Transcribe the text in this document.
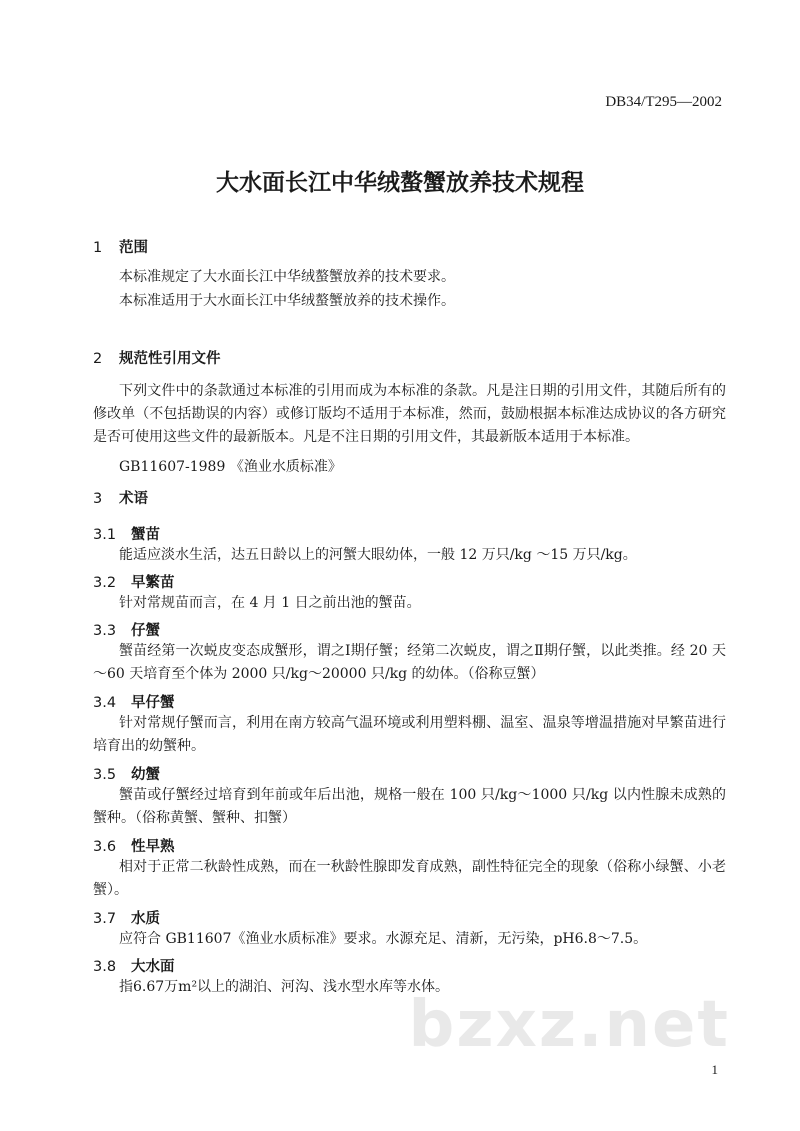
DB34/T295—2002
大水面长江中华绒螯蟹放养技术规程
1 范围
本标准规定了大水面长江中华绒螯蟹放养的技术要求。
本标准适用于大水面长江中华绒螯蟹放养的技术操作。
2 规范性引用文件
下列文件中的条款通过本标准的引用而成为本标准的条款。凡是注日期的引用文件，其随后所有的修改单（不包括勘误的内容）或修订版均不适用于本标准，然而，鼓励根据本标准达成协议的各方研究是否可使用这些文件的最新版本。凡是不注日期的引用文件，其最新版本适用于本标准。
GB11607-1989 《渔业水质标准》
3 术语
3.1 蟹苗
能适应淡水生活，达五日龄以上的河蟹大眼幼体，一般 12 万只/kg ～15 万只/kg。
3.2 早繁苗
针对常规苗而言，在 4 月 1 日之前出池的蟹苗。
3.3 仔蟹
蟹苗经第一次蜕皮变态成蟹形，谓之Ⅰ期仔蟹；经第二次蜕皮，谓之Ⅱ期仔蟹，以此类推。经 20 天～60 天培育至个体为 2000 只/kg～20000 只/kg 的幼体。（俗称豆蟹）
3.4 早仔蟹
针对常规仔蟹而言，利用在南方较高气温环境或利用塑料棚、温室、温泉等增温措施对早繁苗进行培育出的幼蟹种。
3.5 幼蟹
蟹苗或仔蟹经过培育到年前或年后出池，规格一般在 100 只/kg～1000 只/kg 以内性腺未成熟的蟹种。（俗称黄蟹、蟹种、扣蟹）
3.6 性早熟
相对于正常二秋龄性成熟，而在一秋龄性腺即发育成熟，副性特征完全的现象（俗称小绿蟹、小老蟹）。
3.7 水质
应符合 GB11607《渔业水质标准》要求。水源充足、清新，无污染，pH6.8～7.5。
3.8 大水面
指6.67万m²以上的湖泊、河沟、浅水型水库等水体。
bzxz.net
1
